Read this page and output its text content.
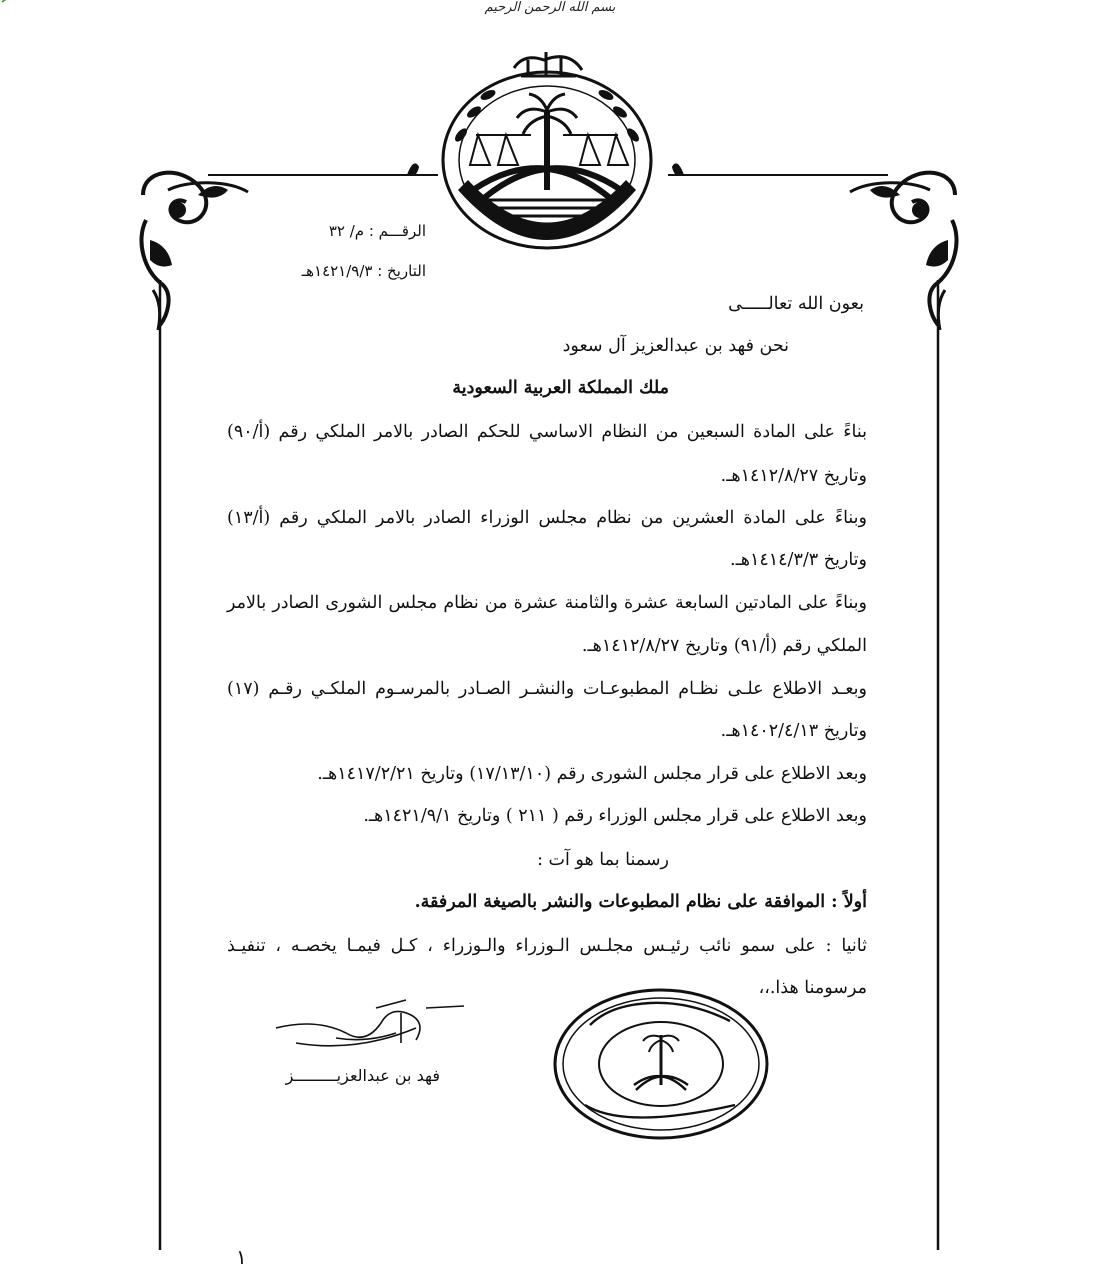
بسم الله الرحمن الرحيم
الرقـــم : م/ ٣٢
التاريخ : ١٤٢١/٩/٣هـ
بعون الله تعالـــــى
نحن فهد بن عبدالعزيز آل سعود
ملك المملكة العربية السعودية
بناءً على المادة السبعين من النظام الاساسي للحكم الصادر بالامر الملكي رقم (أ/٩٠)
وتاريخ ١٤١٢/٨/٢٧هـ.
وبناءً على المادة العشرين من نظام مجلس الوزراء الصادر بالامر الملكي رقم (أ/١٣)
وتاريخ ١٤١٤/٣/٣هـ.
وبناءً على المادتين السابعة عشرة والثامنة عشرة من نظام مجلس الشورى الصادر بالامر
الملكي رقم (أ/٩١) وتاريخ ١٤١٢/٨/٢٧هـ.
وبعـد الاطلاع علـى نظـام المطبوعـات والنشـر الصـادر بالمرسـوم الملكـي رقـم (١٧)
وتاريخ ١٤٠٢/٤/١٣هـ.
وبعد الاطلاع على قرار مجلس الشورى رقم (١٧/١٣/١٠) وتاريخ ١٤١٧/٢/٢١هـ.
وبعد الاطلاع على قرار مجلس الوزراء رقم ( ٢١١ ) وتاريخ ١٤٢١/٩/١هـ.
رسمنا بما هو آت :
أولاً : الموافقة على نظام المطبوعات والنشر بالصيغة المرفقة.
ثانيا : على سمو نائب رئيـس مجلـس الـوزراء والـوزراء ، كـل فيمـا يخصـه ، تنفيـذ
مرسومنا هذا.،،
فهد بن عبدالعزيـــــــــز
١
